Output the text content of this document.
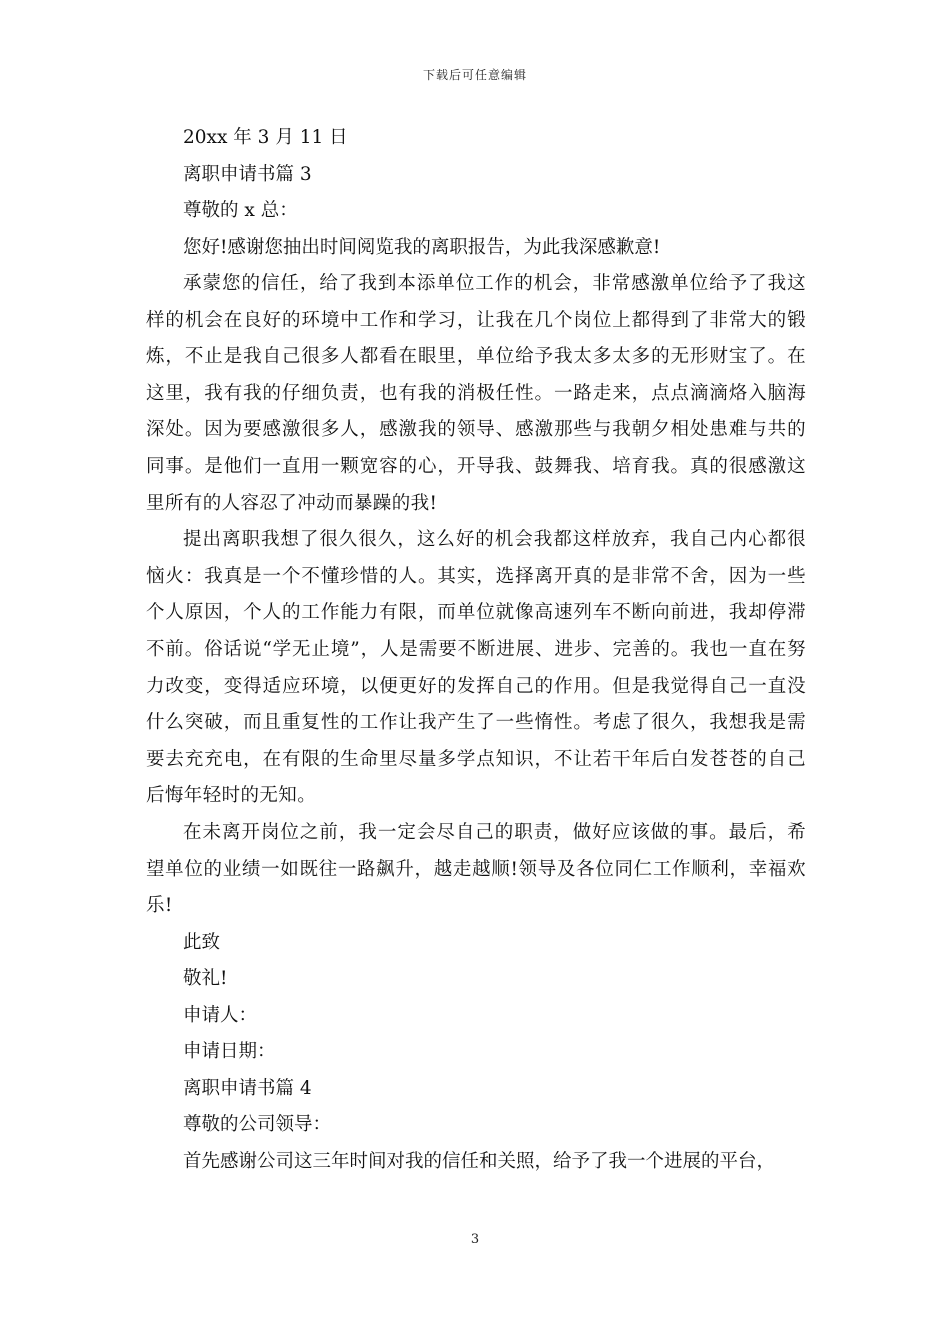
下载后可任意编辑

20xx 年 3 月 11 日

离职申请书篇 3

尊敬的 x 总：

您好!感谢您抽出时间阅览我的离职报告，为此我深感歉意!

承蒙您的信任，给了我到本添单位工作的机会，非常感激单位给予了我这样的机会在良好的环境中工作和学习，让我在几个岗位上都得到了非常大的锻炼，不止是我自己很多人都看在眼里，单位给予我太多太多的无形财宝了。在这里，我有我的仔细负责，也有我的消极任性。一路走来，点点滴滴烙入脑海深处。因为要感激很多人，感激我的领导、感激那些与我朝夕相处患难与共的同事。是他们一直用一颗宽容的心，开导我、鼓舞我、培育我。真的很感激这里所有的人容忍了冲动而暴躁的我!

提出离职我想了很久很久，这么好的机会我都这样放弃，我自己内心都很恼火：我真是一个不懂珍惜的人。其实，选择离开真的是非常不舍，因为一些个人原因，个人的工作能力有限，而单位就像高速列车不断向前进，我却停滞不前。俗话说“学无止境”，人是需要不断进展、进步、完善的。我也一直在努力改变，变得适应环境，以便更好的发挥自己的作用。但是我觉得自己一直没什么突破，而且重复性的工作让我产生了一些惰性。考虑了很久，我想我是需要去充充电，在有限的生命里尽量多学点知识，不让若干年后白发苍苍的自己后悔年轻时的无知。

在未离开岗位之前，我一定会尽自己的职责，做好应该做的事。最后，希望单位的业绩一如既往一路飙升，越走越顺!领导及各位同仁工作顺利，幸福欢乐!

此致

敬礼!

申请人：

申请日期：

离职申请书篇 4

尊敬的公司领导：

首先感谢公司这三年时间对我的信任和关照，给予了我一个进展的平台，

3
